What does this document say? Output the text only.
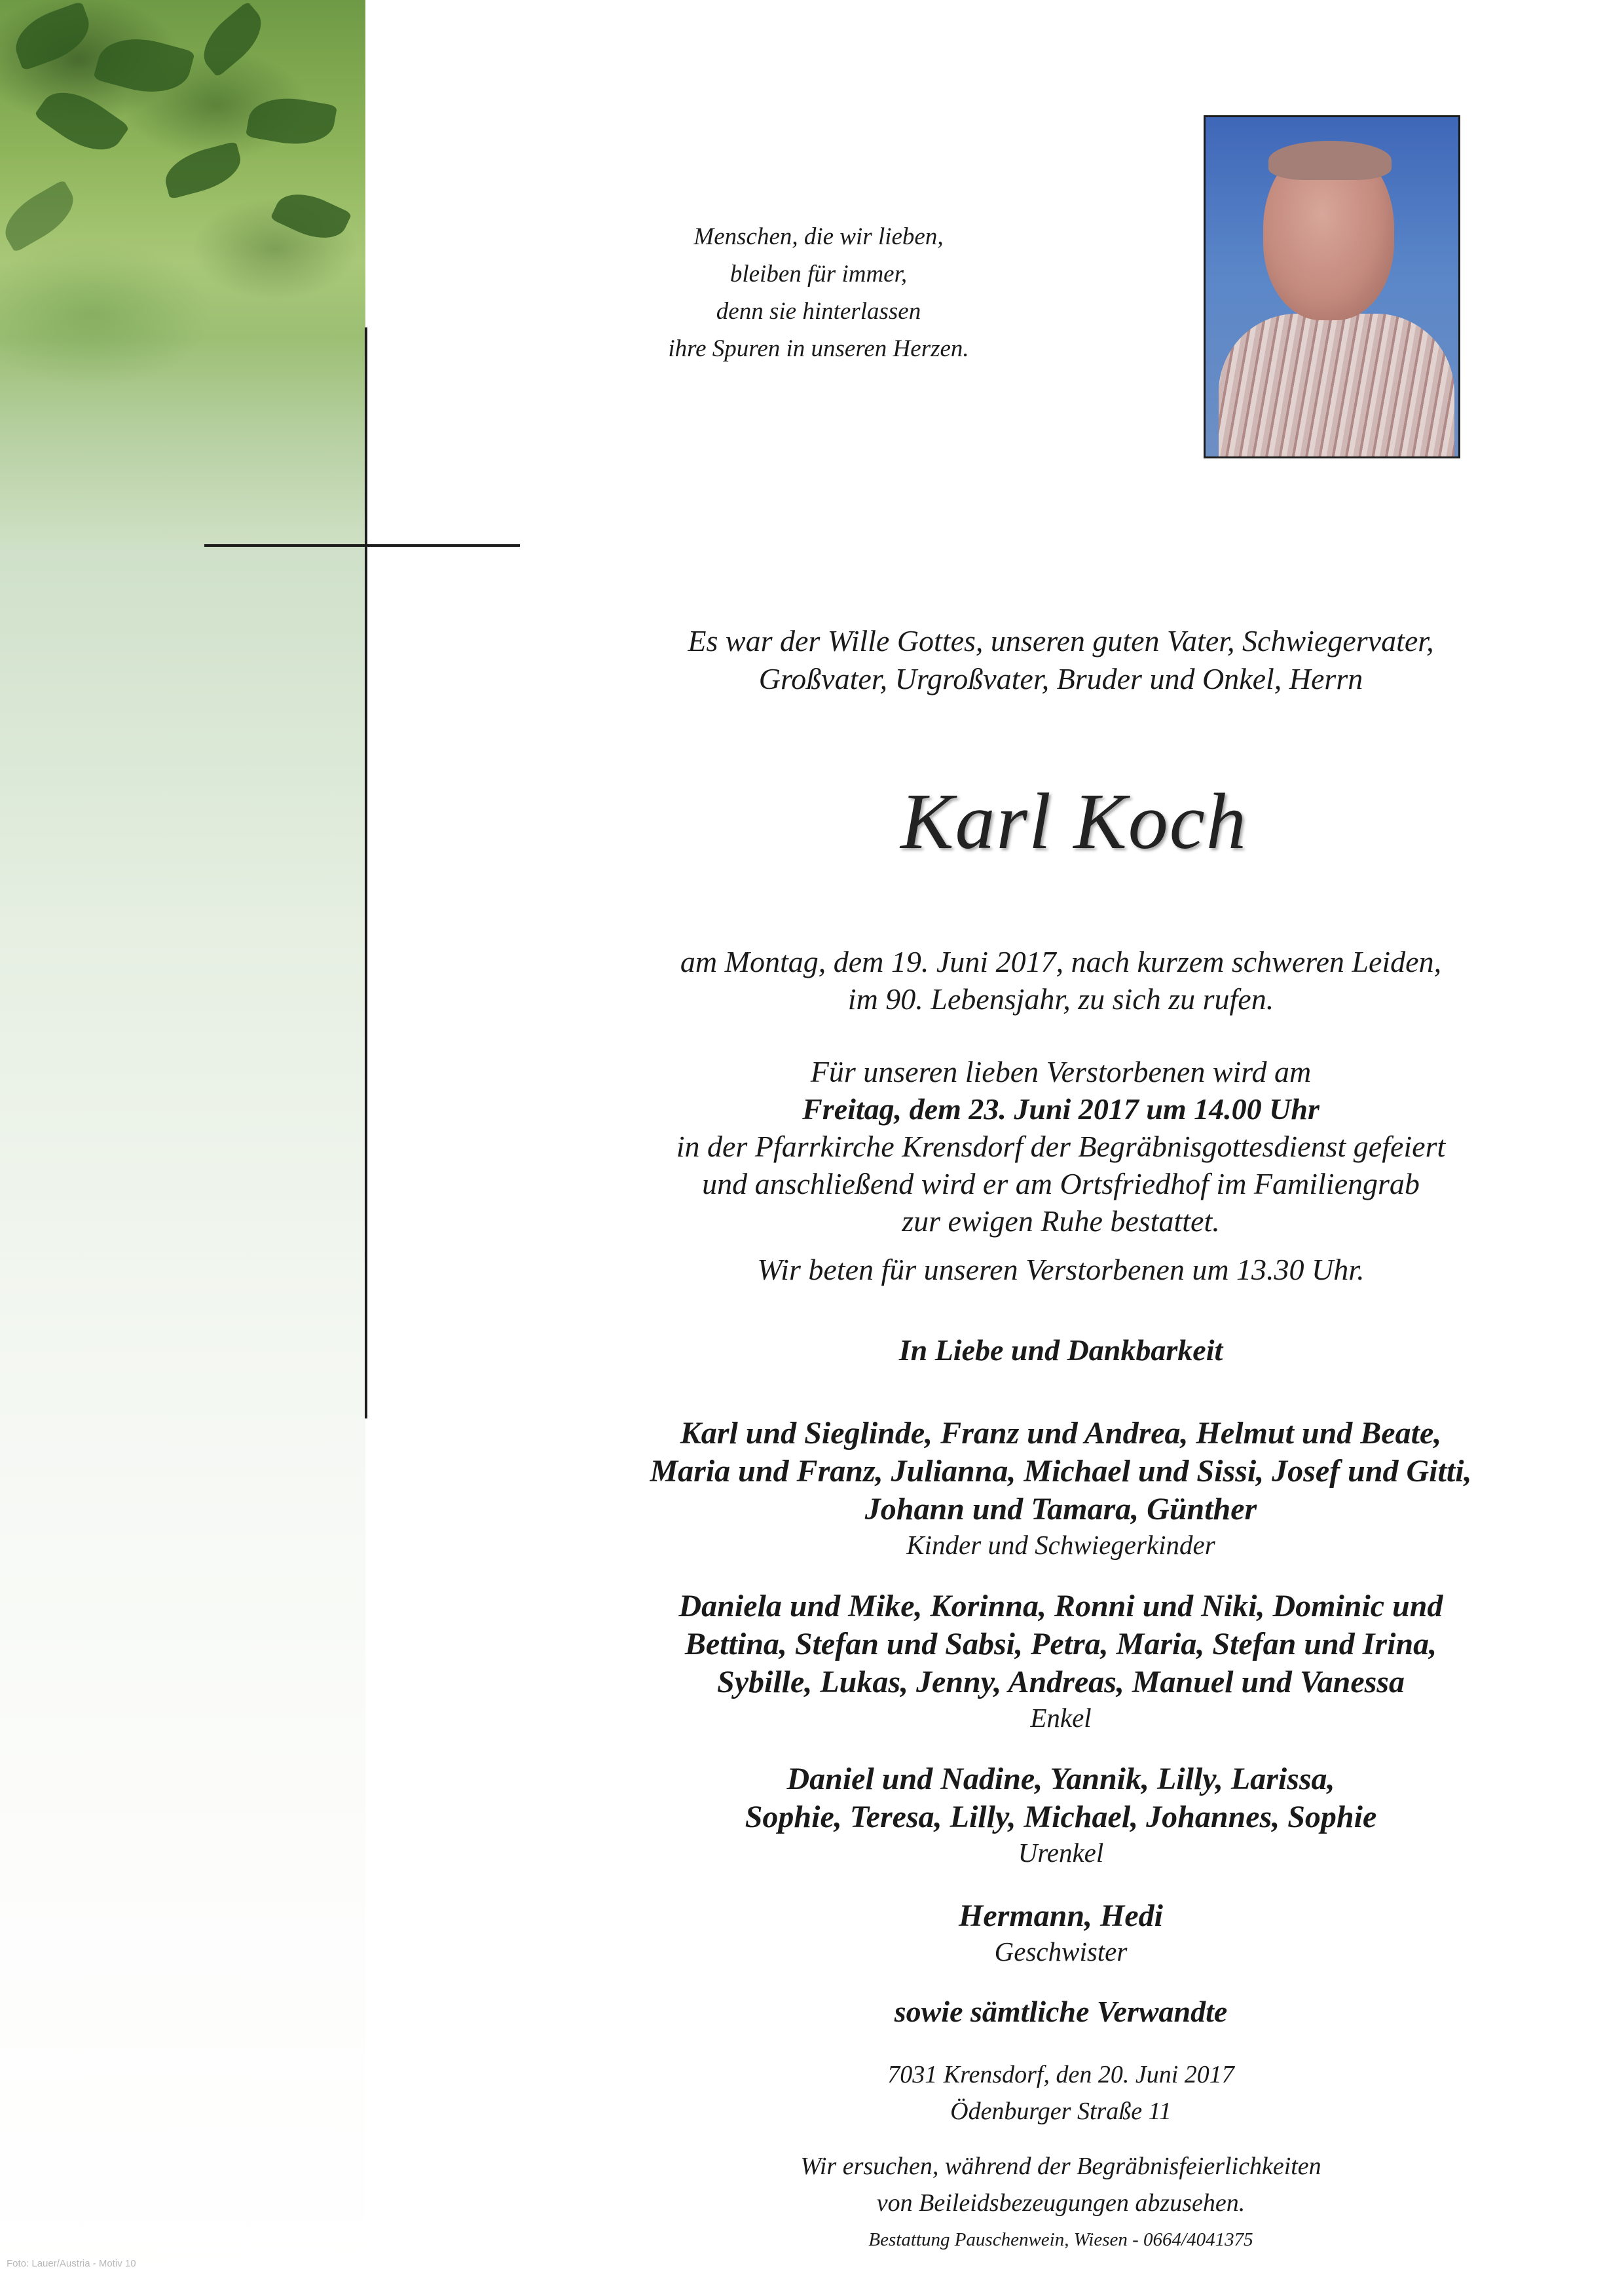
Menschen, die wir lieben,
bleiben für immer,
denn sie hinterlassen
ihre Spuren in unseren Herzen.
Es war der Wille Gottes, unseren guten Vater, Schwiegervater,
Großvater, Urgroßvater, Bruder und Onkel, Herrn
Karl Koch
am Montag, dem 19. Juni 2017, nach kurzem schweren Leiden,
im 90. Lebensjahr, zu sich zu rufen.
Für unseren lieben Verstorbenen wird am
Freitag, dem 23. Juni 2017 um 14.00 Uhr
in der Pfarrkirche Krensdorf der Begräbnisgottesdienst gefeiert
und anschließend wird er am Ortsfriedhof im Familiengrab
zur ewigen Ruhe bestattet.
Wir beten für unseren Verstorbenen um 13.30 Uhr.
In Liebe und Dankbarkeit
Karl und Sieglinde, Franz und Andrea, Helmut und Beate,
Maria und Franz, Julianna, Michael und Sissi, Josef und Gitti,
Johann und Tamara, Günther
Kinder und Schwiegerkinder
Daniela und Mike, Korinna, Ronni und Niki, Dominic und
Bettina, Stefan und Sabsi, Petra, Maria, Stefan und Irina,
Sybille, Lukas, Jenny, Andreas, Manuel und Vanessa
Enkel
Daniel und Nadine, Yannik, Lilly, Larissa,
Sophie, Teresa, Lilly, Michael, Johannes, Sophie
Urenkel
Hermann, Hedi
Geschwister
sowie sämtliche Verwandte
7031 Krensdorf, den 20. Juni 2017
Ödenburger Straße 11
Wir ersuchen, während der Begräbnisfeierlichkeiten
von Beileidsbezeugungen abzusehen.
Bestattung Pauschenwein, Wiesen - 0664/4041375
Foto: Lauer/Austria - Motiv 10
